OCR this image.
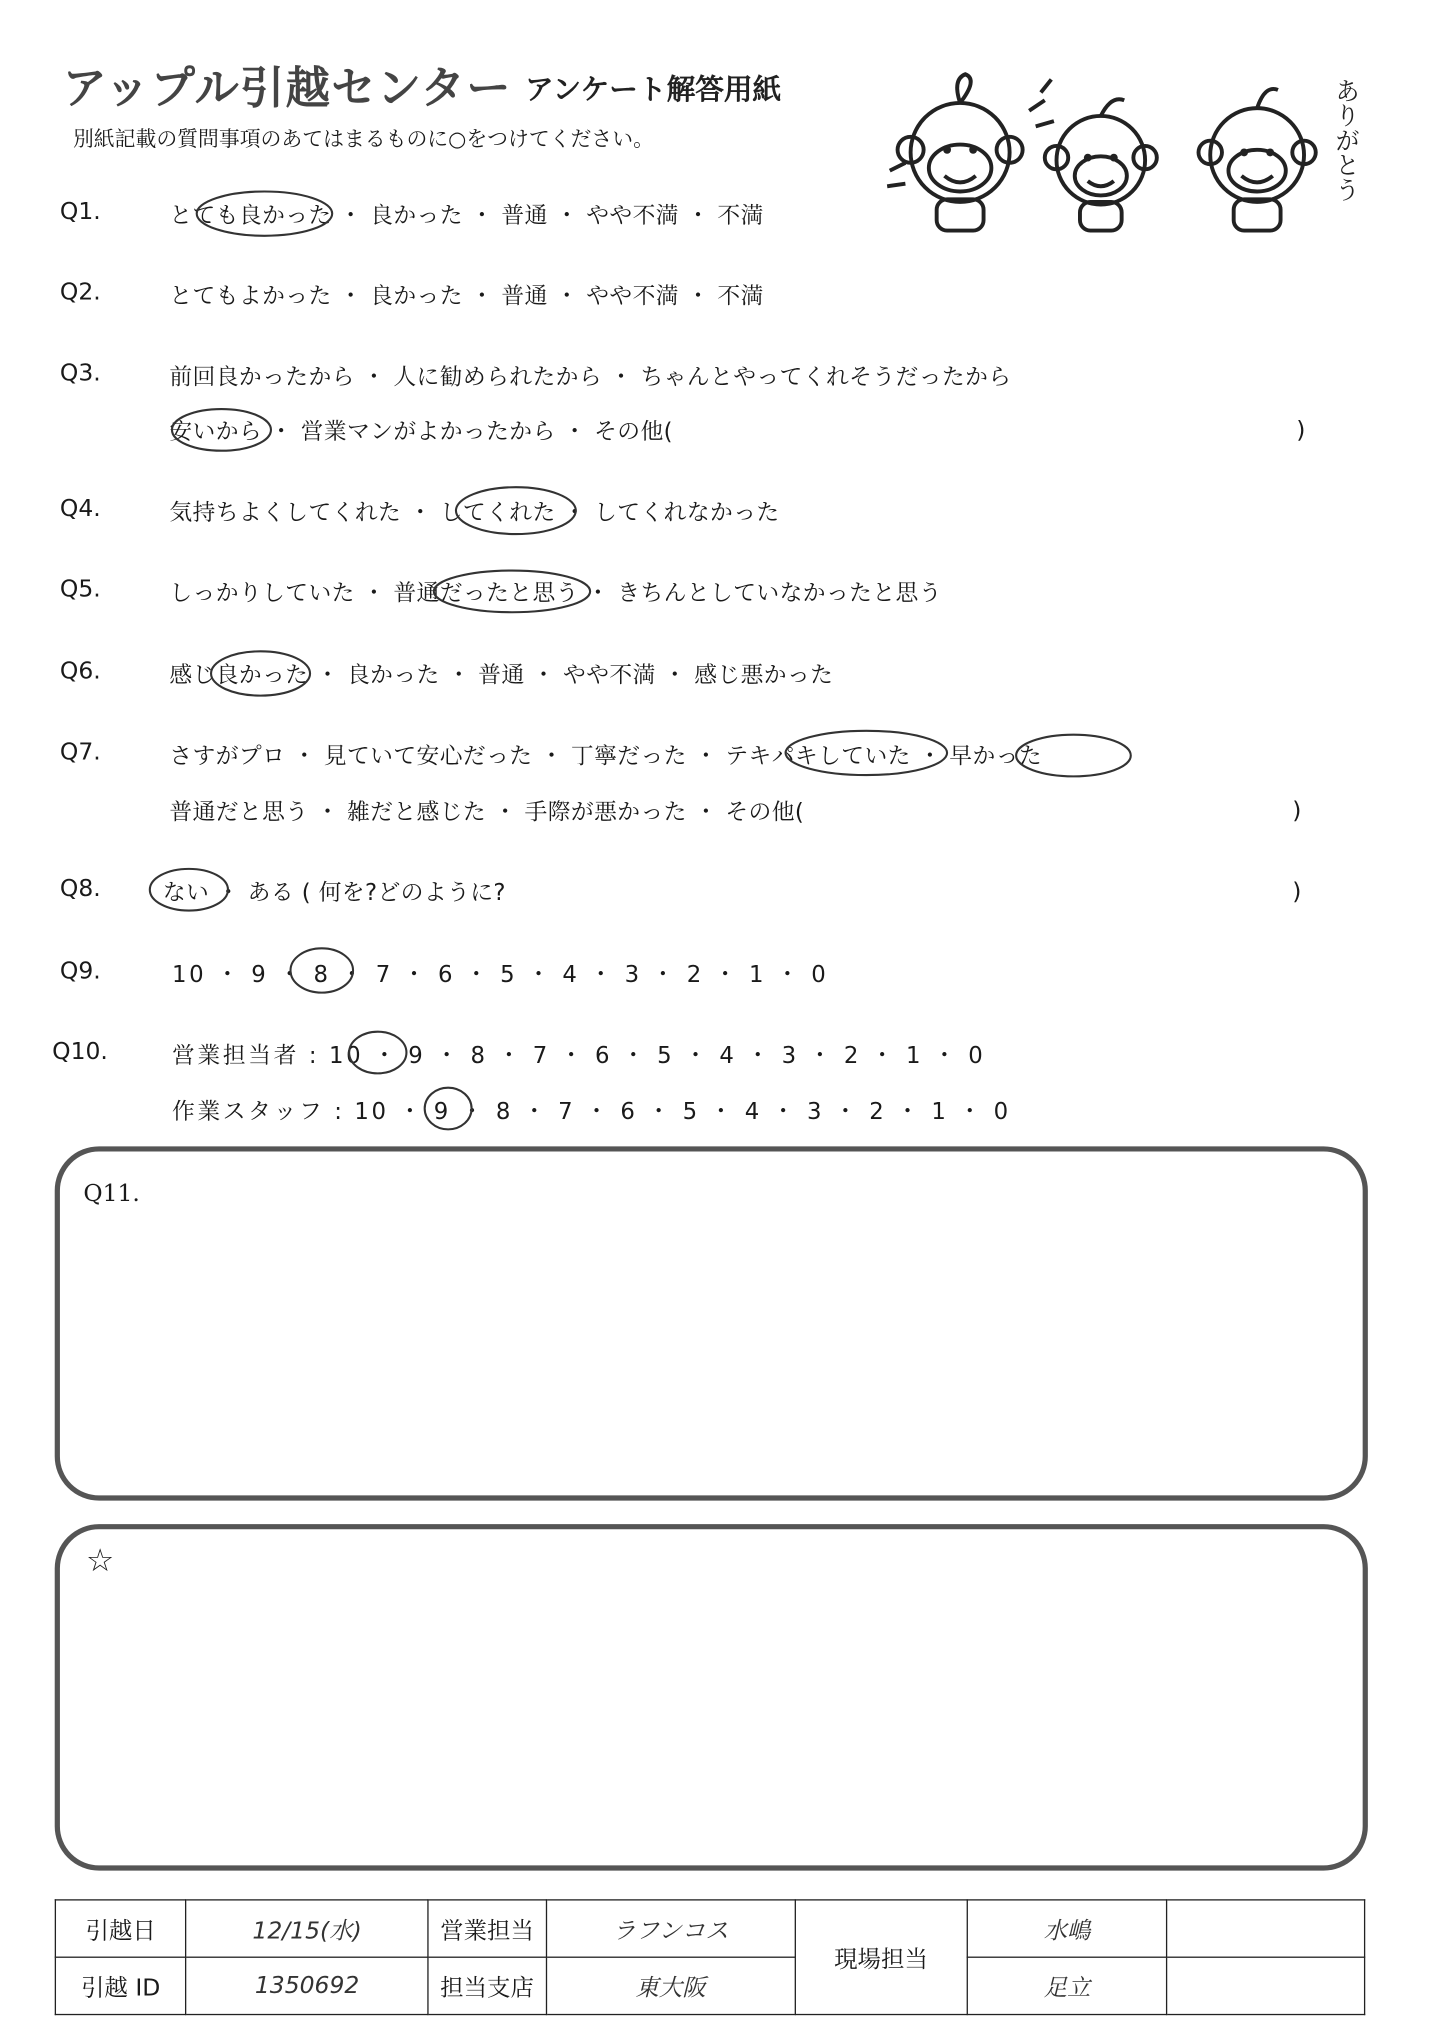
アップル引越センター アンケート解答用紙
別紙記載の質問事項のあてはまるものに○をつけてください。	ありがとう
Q1.	とても良かった ・ 良かった ・ 普通 ・ やや不満 ・ 不満
Q2.	とてもよかった ・ 良かった ・ 普通 ・ やや不満 ・ 不満
Q3.	前回良かったから ・ 人に勧められたから ・ ちゃんとやってくれそうだったから
安いから ・ 営業マンがよかったから ・ その他(	)
Q4.	気持ちよくしてくれた ・ してくれた ・ してくれなかった
Q5.	しっかりしていた ・ 普通だったと思う ・ きちんとしていなかったと思う
Q6.	感じ良かった ・ 良かった ・ 普通 ・ やや不満 ・ 感じ悪かった
Q7.	さすがプロ ・ 見ていて安心だった ・ 丁寧だった ・ テキパキしていた ・ 早かった
普通だと思う ・ 雑だと感じた ・ 手際が悪かった ・ その他(	)
Q8.	ない ・ ある ( 何を?どのように?	)
Q9.	10 ・ 9 ・ 8 ・ 7 ・ 6 ・ 5 ・ 4 ・ 3 ・ 2 ・ 1 ・ 0
Q10.	営業担当者 : 10 ・ 9 ・ 8 ・ 7 ・ 6 ・ 5 ・ 4 ・ 3 ・ 2 ・ 1 ・ 0
作業スタッフ : 10 ・ 9 ・ 8 ・ 7 ・ 6 ・ 5 ・ 4 ・ 3 ・ 2 ・ 1 ・ 0
Q11.
☆
引越日	12/15(水)	営業担当	ラフンコス	現場担当	水嶋	
引越 ID	1350692	担当支店	東大阪		足立	
